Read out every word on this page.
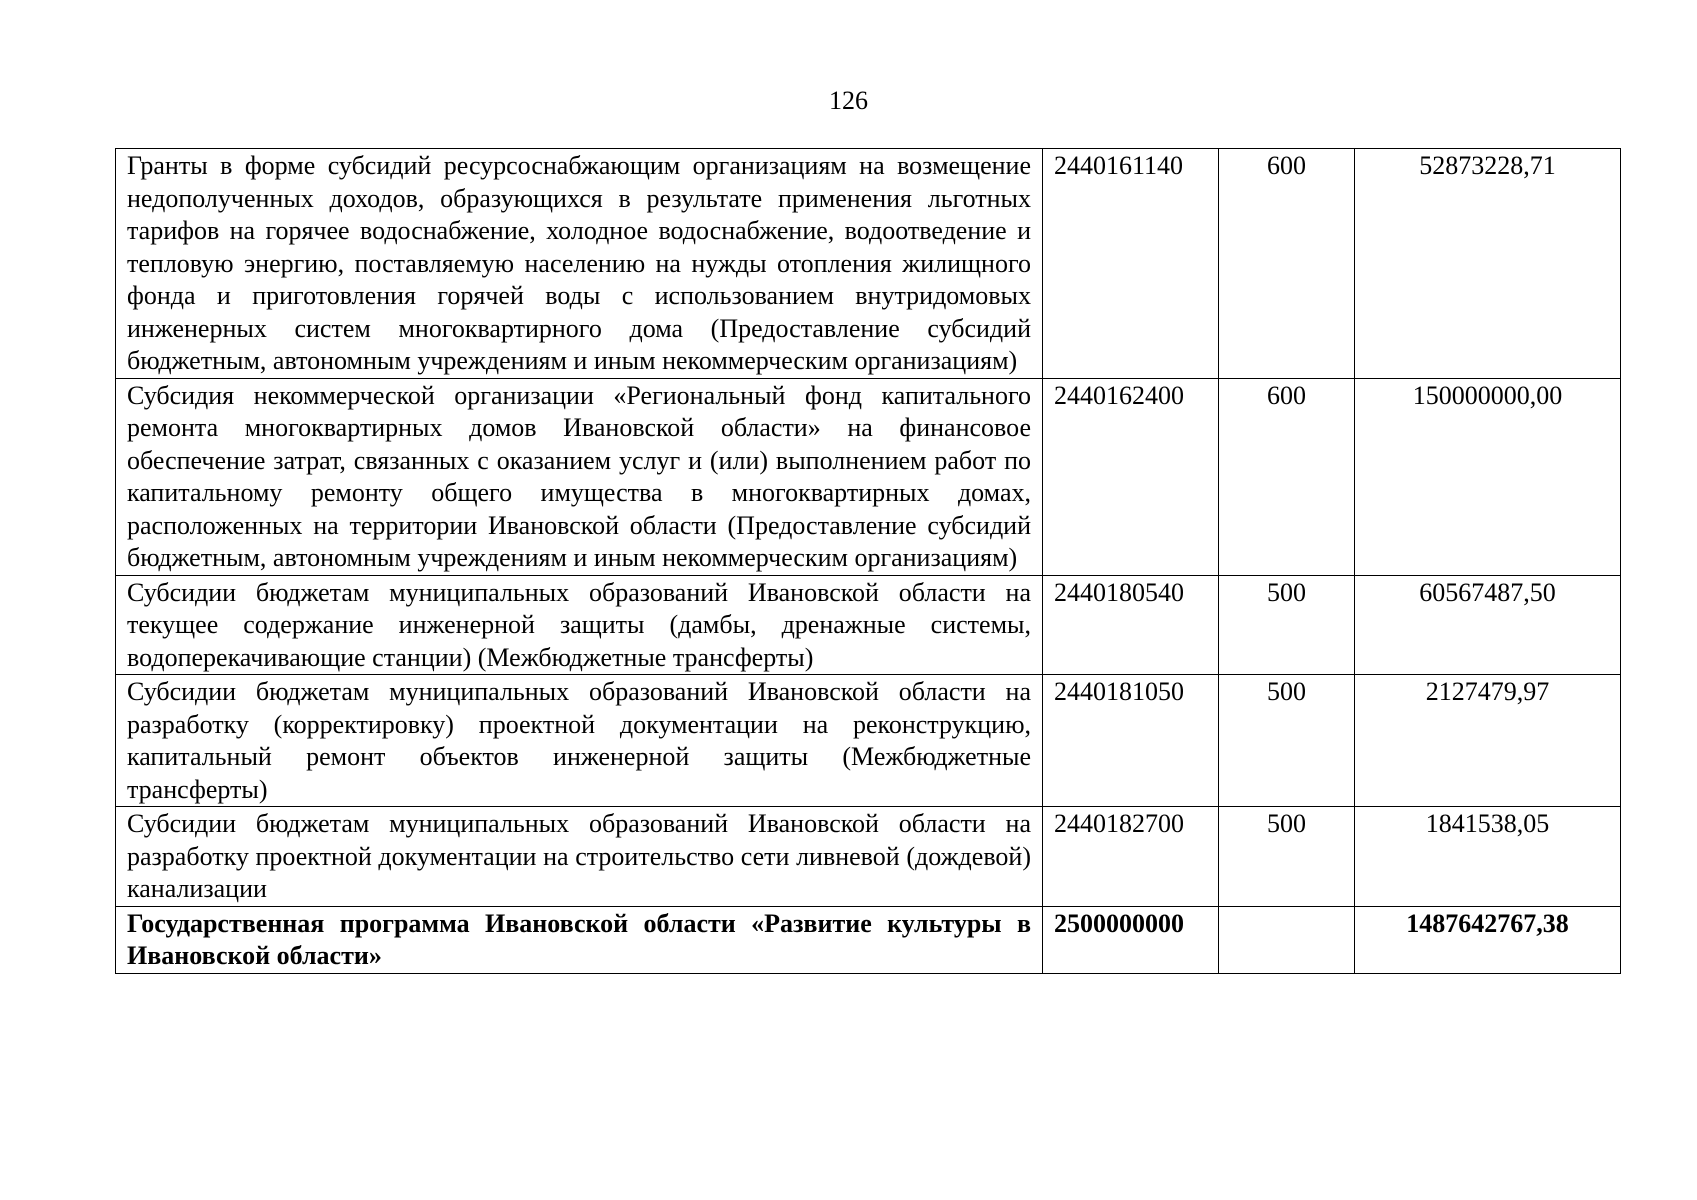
126
Гранты в форме субсидий ресурсоснабжающим организациям на возмещение недополученных доходов, образующихся в результате применения льготных тарифов на горячее водоснабжение, холодное водоснабжение, водоотведение и тепловую энергию, поставляемую населению на нужды отопления жилищного фонда и приготовления горячей воды с использованием внутридомовых инженерных систем многоквартирного дома (Предоставление субсидий бюджетным, автономным учреждениям и иным некоммерческим организациям)	2440161140	600	52873228,71
Субсидия некоммерческой организации «Региональный фонд капитального ремонта многоквартирных домов Ивановской области» на финансовое обеспечение затрат, связанных с оказанием услуг и (или) выполнением работ по капитальному ремонту общего имущества в многоквартирных домах, расположенных на территории Ивановской области (Предоставление субсидий бюджетным, автономным учреждениям и иным некоммерческим организациям)	2440162400	600	150000000,00
Субсидии бюджетам муниципальных образований Ивановской области на текущее содержание инженерной защиты (дамбы, дренажные системы, водоперекачивающие станции) (Межбюджетные трансферты)	2440180540	500	60567487,50
Субсидии бюджетам муниципальных образований Ивановской области на разработку (корректировку) проектной документации на реконструкцию, капитальный ремонт объектов инженерной защиты (Межбюджетные трансферты)	2440181050	500	2127479,97
Субсидии бюджетам муниципальных образований Ивановской области на разработку проектной документации на строительство сети ливневой (дождевой) канализации	2440182700	500	1841538,05
Государственная программа Ивановской области «Развитие культуры в Ивановской области»	2500000000		1487642767,38
